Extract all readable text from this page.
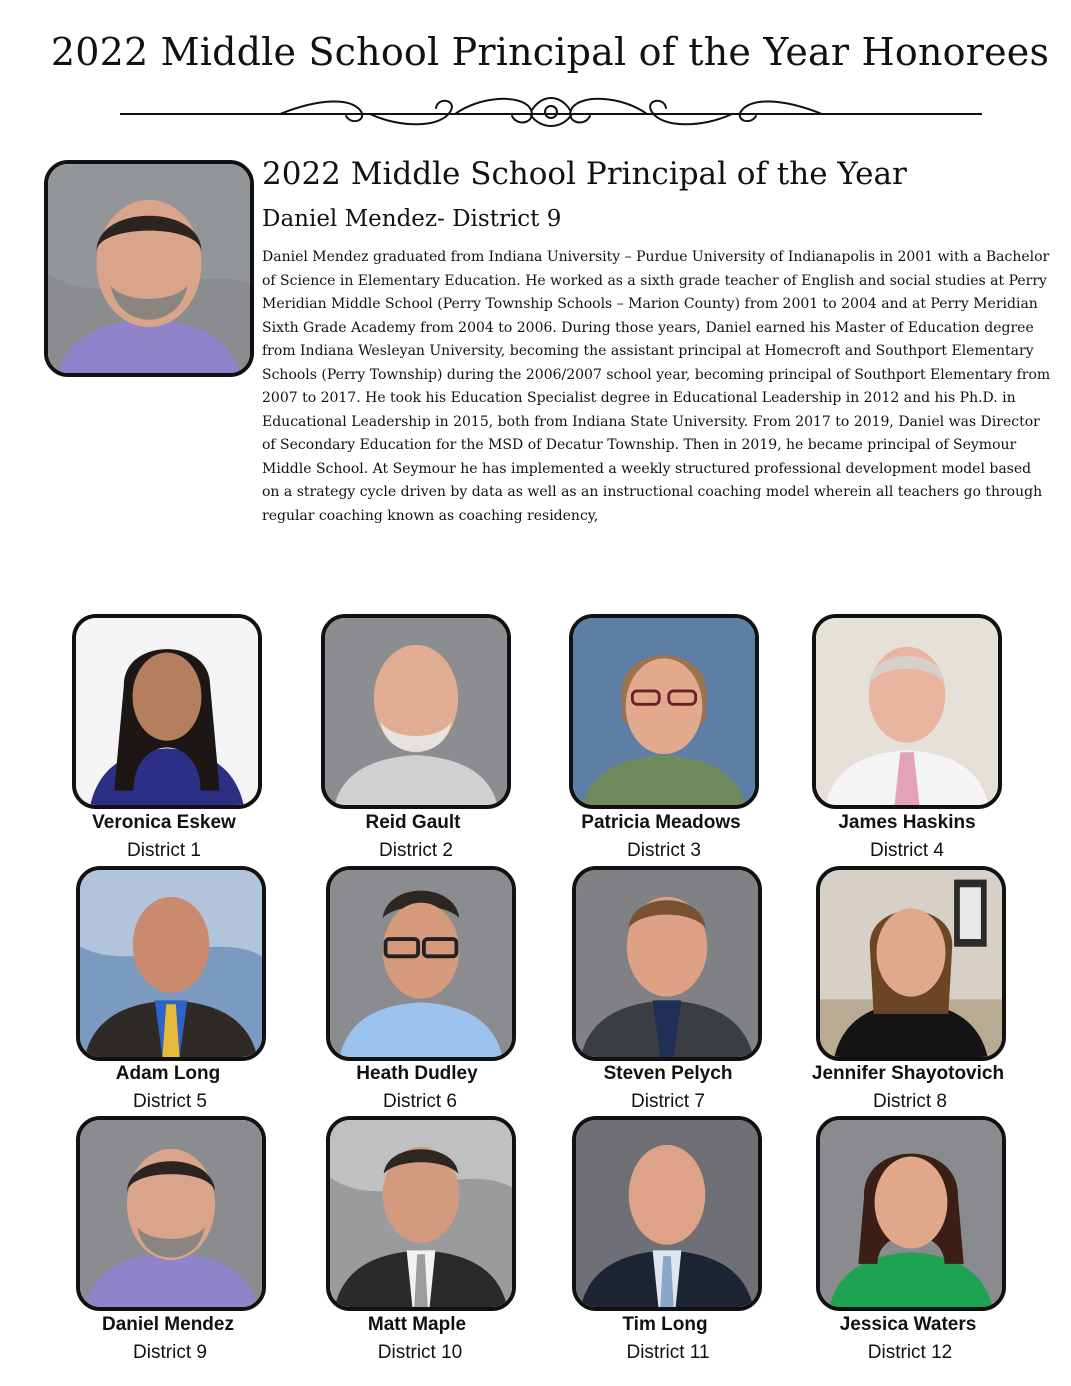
2022 Middle School Principal of the Year Honorees
2022 Middle School Principal of the Year
Daniel Mendez- District 9
Daniel Mendez graduated from Indiana University – Purdue University of Indianapolis in 2001 with a Bachelor of Science in Elementary Education. He worked as a sixth grade teacher of English and social studies at Perry Meridian Middle School (Perry Township Schools – Marion County) from 2001 to 2004 and at Perry Meridian Sixth Grade Academy from 2004 to 2006. During those years, Daniel earned his Master of Education degree from Indiana Wesleyan University, becoming the assistant principal at Homecroft and Southport Elementary Schools (Perry Township) during the 2006/2007 school year, becoming principal of Southport Elementary from 2007 to 2017. He took his Education Specialist degree in Educational Leadership in 2012 and his Ph.D. in Educational Leadership in 2015, both from Indiana State University. From 2017 to 2019, Daniel was Director of Secondary Education for the MSD of Decatur Township. Then in 2019, he became principal of Seymour Middle School. At Seymour he has implemented a weekly structured professional development model based on a strategy cycle driven by data as well as an instructional coaching model wherein all teachers go through regular coaching known as coaching residency,
Veronica Eskew
District 1
Reid Gault
District 2
Patricia Meadows
District 3
James Haskins
District 4
Adam Long
District 5
Heath Dudley
District 6
Steven Pelych
District 7
Jennifer Shayotovich
District 8
Daniel Mendez
District 9
Matt Maple
District 10
Tim Long
District 11
Jessica Waters
District 12
